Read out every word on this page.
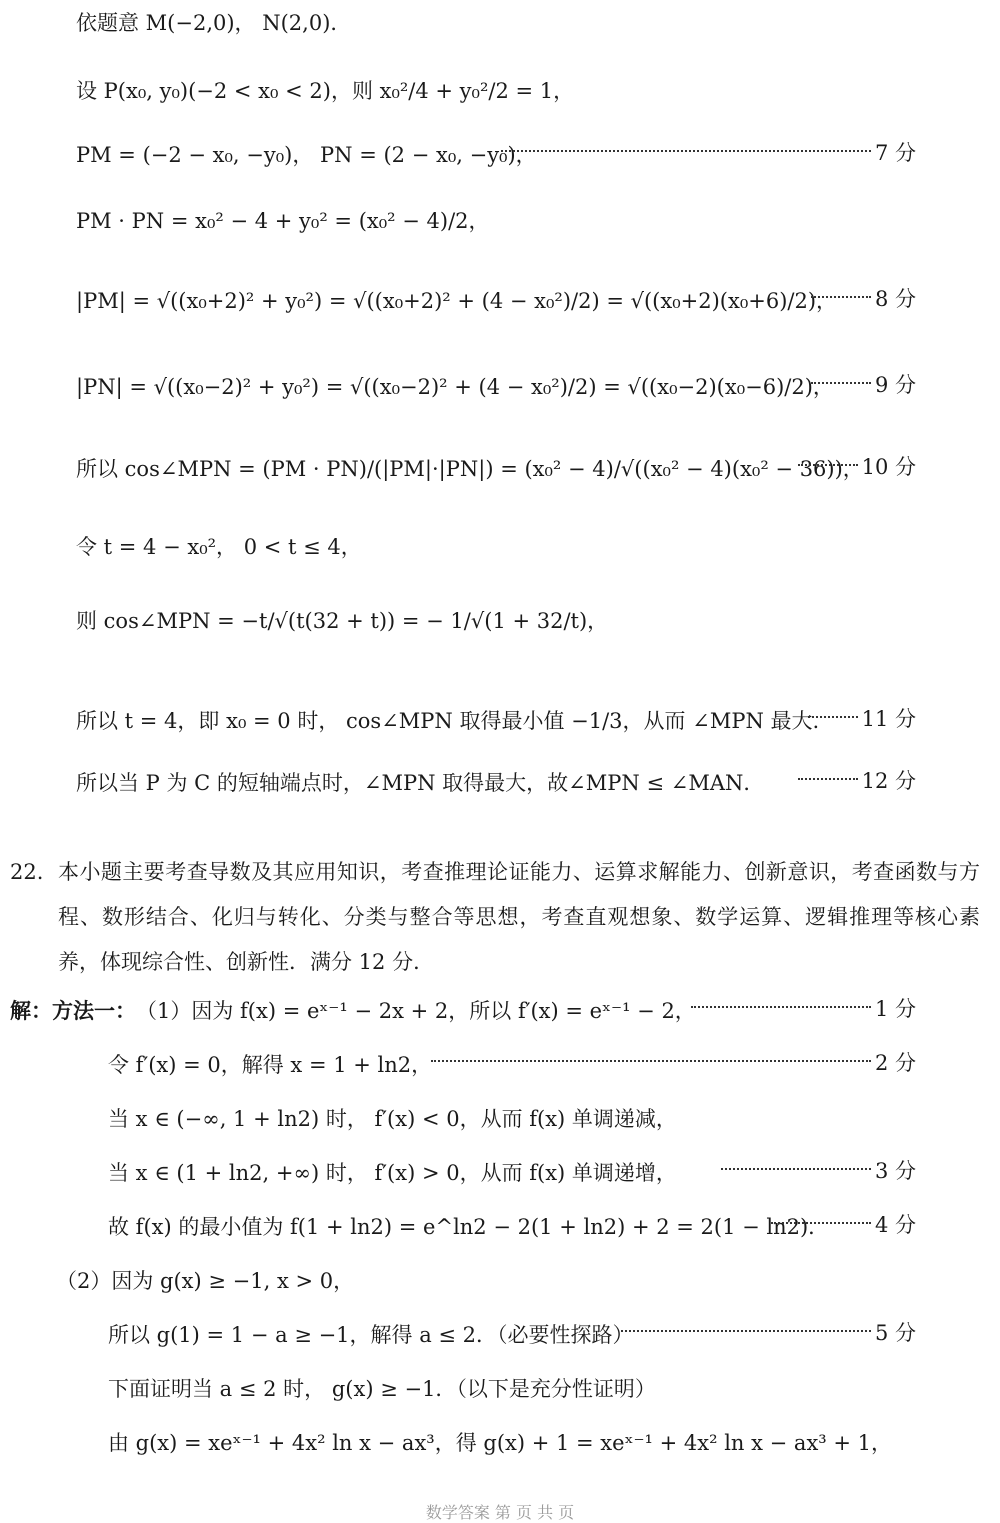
依题意 M(−2,0)， N(2,0)．
设 P(x₀, y₀)(−2 < x₀ < 2)，则 x₀²/4 + y₀²/2 = 1，
PM = (−2 − x₀, −y₀)， PN = (2 − x₀, −y₀)，	7 分
PM · PN = x₀² − 4 + y₀² = (x₀² − 4)/2，
|PM| = √((x₀+2)² + y₀²) = √((x₀+2)² + (4 − x₀²)/2) = √((x₀+2)(x₀+6)/2)， 8 分
|PN| = √((x₀−2)² + y₀²) = √((x₀−2)² + (4 − x₀²)/2) = √((x₀−2)(x₀−6)/2)， 9 分
所以 cos∠MPN = (PM · PN)/(|PM|·|PN|) = (x₀² − 4)/√((x₀² − 4)(x₀² − 36))，
10 分
令 t = 4 − x₀²， 0 < t ≤ 4，
则 cos∠MPN = −t/√(t(32 + t)) = − 1/√(1 + 32/t)，
所以 t = 4，即 x₀ = 0 时， cos∠MPN 取得最小值 −1/3，从而 ∠MPN 最大. 11 分
所以当 P 为 C 的短轴端点时，∠MPN 取得最大，故∠MPN ≤ ∠MAN．	12 分
22. 本小题主要考查导数及其应用知识，考查推理论证能力、运算求解能力、创新意识，考查函数与方程、数形结合、化归与转化、分类与整合等思想，考查直观想象、数学运算、逻辑推理等核心素养，体现综合性、创新性．满分 12 分．
解：方法一：（1）因为 f(x) = eˣ⁻¹ − 2x + 2，所以 f′(x) = eˣ⁻¹ − 2，	1 分
令 f′(x) = 0，解得 x = 1 + ln2，	2 分
当 x ∈ (−∞, 1 + ln2) 时， f′(x) < 0，从而 f(x) 单调递减，
当 x ∈ (1 + ln2, +∞) 时， f′(x) > 0，从而 f(x) 单调递增，	3 分
故 f(x) 的最小值为 f(1 + ln2) = e^ln2 − 2(1 + ln2) + 2 = 2(1 − ln2)． 4 分
（2）因为 g(x) ≥ −1, x > 0，
所以 g(1) = 1 − a ≥ −1，解得 a ≤ 2．（必要性探路）	5 分
下面证明当 a ≤ 2 时， g(x) ≥ −1．（以下是充分性证明）
由 g(x) = xeˣ⁻¹ + 4x² ln x − ax³，得 g(x) + 1 = xeˣ⁻¹ + 4x² ln x − ax³ + 1，
数学答案 第 页 共 页
